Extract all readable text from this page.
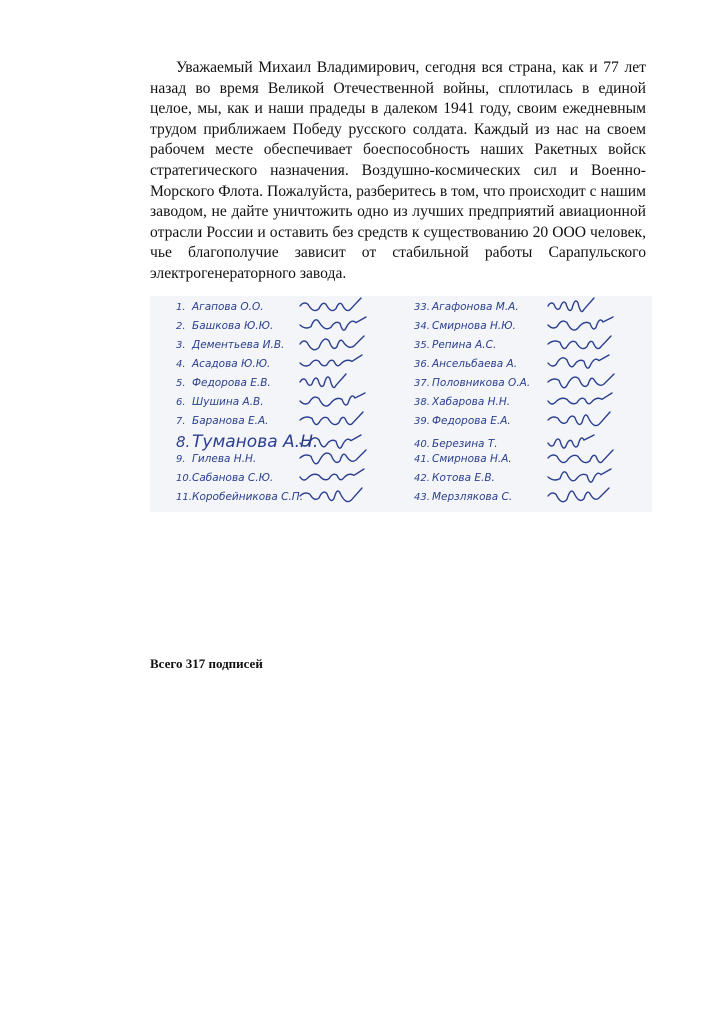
Уважаемый Михаил Владимирович, сегодня вся страна, как и 77 лет назад во время Великой Отечественной войны, сплотилась в единой целое, мы, как и наши прадеды в далеком 1941 году, своим ежедневным трудом приближаем Победу русского солдата. Каждый из нас на своем рабочем месте обеспечивает боеспособность наших Ракетных войск стратегического назначения. Воздушно-космических сил и Военно-Морского Флота. Пожалуйста, разберитесь в том, что происходит с нашим заводом, не дайте уничтожить одно из лучших предприятий авиационной отрасли России и оставить без средств к существованию 20 ООО человек, чье благополучие зависит от стабильной работы Сарапульского электрогенераторного завода.

1. Агапова О.О.
2. Башкова Ю.Ю.
3. Дементьева И.В.
4. Асадова Ю.Ю.
5. Федорова Е.В.
6. Шушина А.В.
7. Баранова Е.А.
8. Туманова А.Н.
9. Гилева Н.Н.
10. Сабанова С.Ю.
11. Коробейникова С.П.
33. Агафонова М.А.
34. Смирнова Н.Ю.
35. Репина А.С.
36. Ансельбаева А.
37. Половникова О.А.
38. Хабарова Н.Н.
39. Федорова Е.А.
40. Березина Т.
41. Смирнова Н.А.
42. Котова Е.В.
43. Мерзлякова С.

Всего 317 подписей
